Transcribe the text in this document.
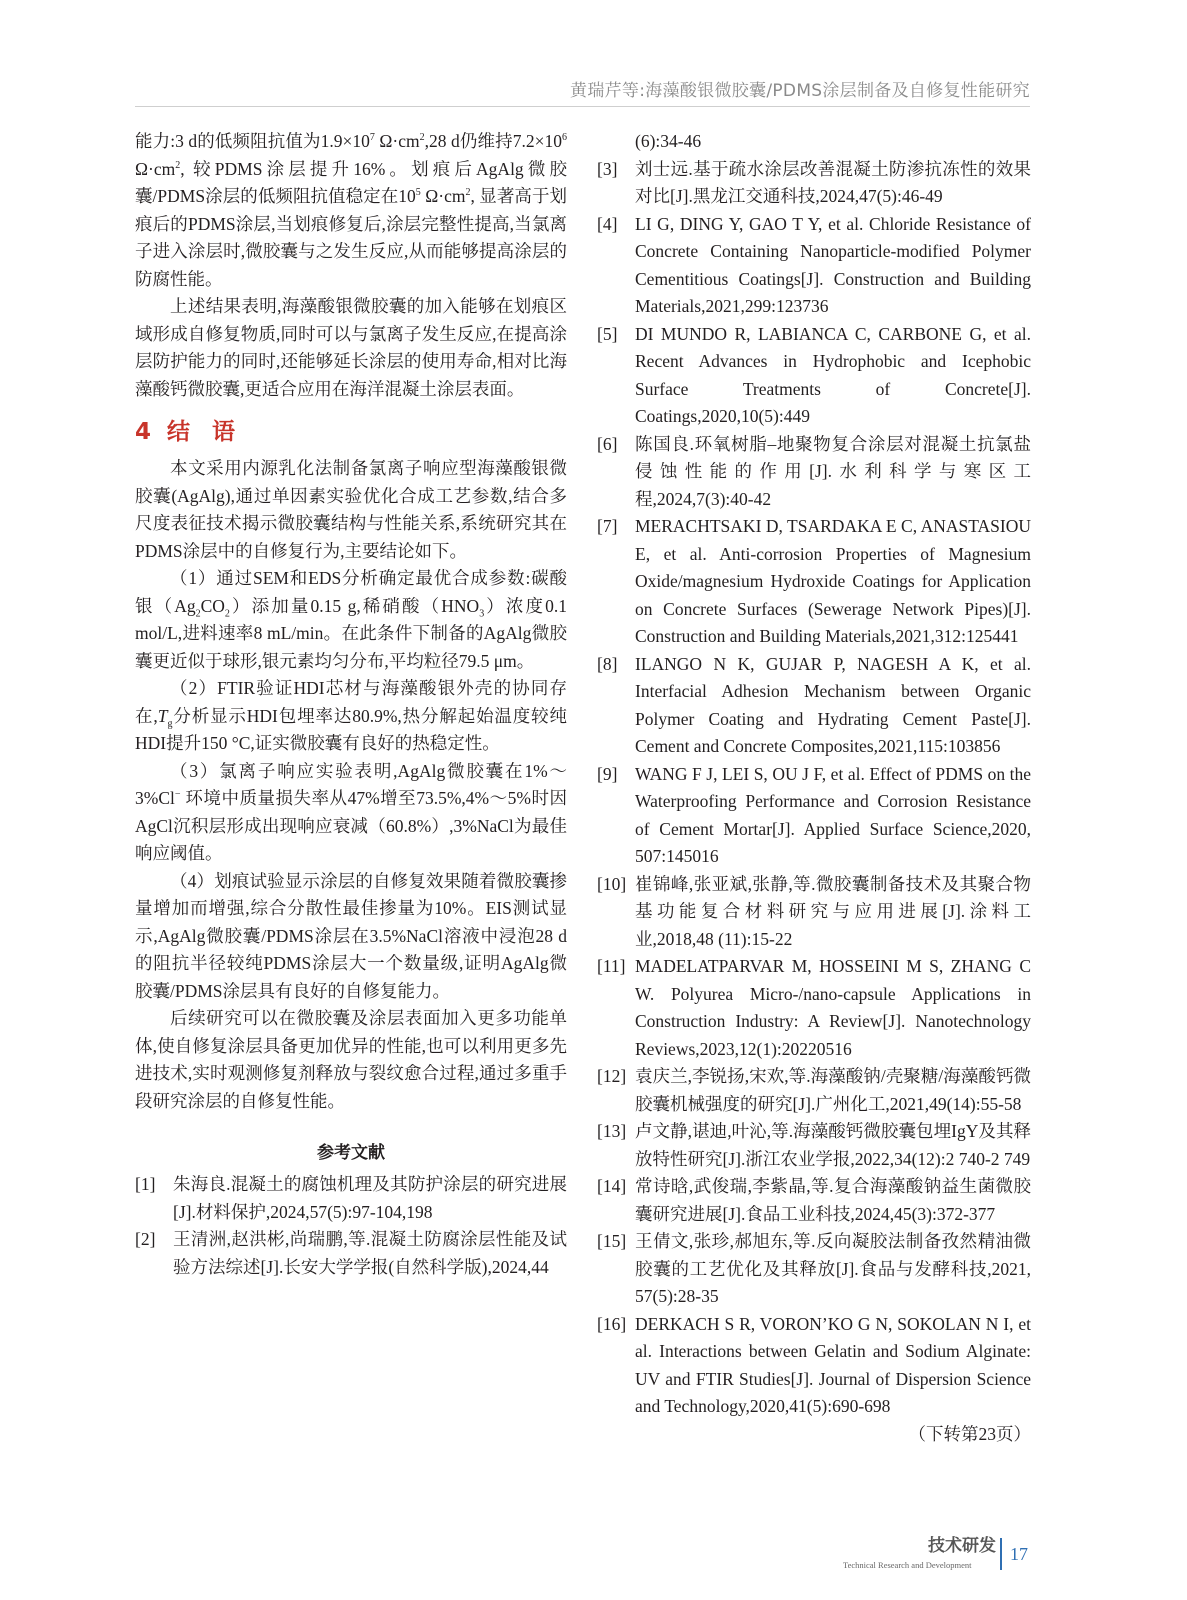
黄瑞芹等:海藻酸银微胶囊/PDMS涂层制备及自修复性能研究

能力:3 d的低频阻抗值为$1.9\times 10^7$ $\Omega\cdot cm^2,28$ d仍维持$7.2\times 10^6$ $\Omega\cdot cm^2$, 较PDMS涂层提升16%。划痕后AgAlg微胶囊/PDMS涂层的低频阻抗值稳定在$10^5$ $\Omega\cdot cm^2$, 显著高于划痕后的PDMS涂层,当划痕修复后,涂层完整性提高,当氯离子进入涂层时,微胶囊与之发生反应,从而能够提高涂层的防腐性能。

上述结果表明,海藻酸银微胶囊的加入能够在划痕区域形成自修复物质,同时可以与氯离子发生反应,在提高涂层防护能力的同时,还能够延长涂层的使用寿命,相对比海藻酸钙微胶囊,更适合应用在海洋混凝土涂层表面。

4 结  语

本文采用内源乳化法制备氯离子响应型海藻酸银微胶囊(AgAlg),通过单因素实验优化合成工艺参数,结合多尺度表征技术揭示微胶囊结构与性能关系,系统研究其在PDMS涂层中的自修复行为,主要结论如下。

（1）通过SEM和EDS分析确定最优合成参数:碳酸银$(Ag_2CO_2)$添加量0.15 g,稀硝酸$(HNO_3)$浓度0.1 mol/L,进料速率8 mL/min。在此条件下制备的AgAlg微胶囊更近似于球形,银元素均匀分布,平均粒径79.5 μm。

（2）FTIR验证HDI芯材与海藻酸银外壳的协同存在$,T_g$分析显示HDI包埋率达80.9%,热分解起始温度较纯HDI提升150 °C,证实微胶囊有良好的热稳定性。

（3）氯离子响应实验表明,AgAlg微胶囊在1%～3%Cl− 环境中质量损失率从47%增至73.5%,4%～5%时因AgCl沉积层形成出现响应衰减（60.8%）,3%NaCl为最佳响应阈值。

（4）划痕试验显示涂层的自修复效果随着微胶囊掺量增加而增强,综合分散性最佳掺量为10%。EIS测试显示,AgAlg微胶囊/PDMS涂层在3.5%NaCl溶液中浸泡28 d的阻抗半径较纯PDMS涂层大一个数量级,证明AgAlg微胶囊/PDMS涂层具有良好的自修复能力。

后续研究可以在微胶囊及涂层表面加入更多功能单体,使自修复涂层具备更加优异的性能,也可以利用更多先进技术,实时观测修复剂释放与裂纹愈合过程,通过多重手段研究涂层的自修复性能。

参考文献
[1]	朱海良.混凝土的腐蚀机理及其防护涂层的研究进展[J].材料保护,2024,57(5):97-104,198
[2]	王清洲,赵洪彬,尚瑞鹏,等.混凝土防腐涂层性能及试验方法综述[J].长安大学学报(自然科学版),2024,44
(6):34-46
[3]	刘士远.基于疏水涂层改善混凝土防渗抗冻性的效果对比[J].黑龙江交通科技,2024,47(5):46-49
[4]	LI G, DING Y, GAO T Y, et al. Chloride Resistance of Concrete Containing Nanoparticle-modified Polymer Cementitious Coatings[J]. Construction and Building Materials,2021,299:123736
[5]	DI MUNDO R, LABIANCA C, CARBONE G, et al. Recent Advances in Hydrophobic and Icephobic Surface Treatments of Concrete[J]. Coatings,2020,10(5):449
[6]	陈国良.环氧树脂–地聚物复合涂层对混凝土抗氯盐侵蚀性能的作用[J].水利科学与寒区工程,2024,7(3):40-42
[7]	MERACHTSAKI D, TSARDAKA E C, ANASTASIOU E, et al. Anti-corrosion Properties of Magnesium Oxide/magnesium Hydroxide Coatings for Application on Concrete Surfaces (Sewerage Network Pipes)[J]. Construction and Building Materials,2021,312:125441
[8]	ILANGO N K, GUJAR P, NAGESH A K, et al. Interfacial Adhesion Mechanism between Organic Polymer Coating and Hydrating Cement Paste[J]. Cement and Concrete Composites,2021,115:103856
[9]	WANG F J, LEI S, OU J F, et al. Effect of PDMS on the Waterproofing Performance and Corrosion Resistance of Cement Mortar[J]. Applied Surface Science,2020, 507:145016
[10] 崔锦峰,张亚斌,张静,等.微胶囊制备技术及其聚合物基功能复合材料研究与应用进展[J].涂料工业,2018,48 (11):15-22
[11] MADELATPARVAR M, HOSSEINI M S, ZHANG C W. Polyurea Micro-/nano-capsule Applications in Construction Industry: A Review[J]. Nanotechnology Reviews,2023,12(1):20220516
[12] 袁庆兰,李锐扬,宋欢,等.海藻酸钠/壳聚糖/海藻酸钙微胶囊机械强度的研究[J].广州化工,2021,49(14):55-58
[13] 卢文静,谌迪,叶沁,等.海藻酸钙微胶囊包埋IgY及其释放特性研究[J].浙江农业学报,2022,34(12):2 740-2 749
[14] 常诗晗,武俊瑞,李紫晶,等.复合海藻酸钠益生菌微胶囊研究进展[J].食品工业科技,2024,45(3):372-377
[15] 王倩文,张珍,郝旭东,等.反向凝胶法制备孜然精油微胶囊的工艺优化及其释放[J].食品与发酵科技,2021, 57(5):28-35
[16] DERKACH S R, VORON’KO G N, SOKOLAN N I, et al. Interactions between Gelatin and Sodium Alginate: UV and FTIR Studies[J]. Journal of Dispersion Science and Technology,2020,41(5):690-698
（下转第23页）
技术研发
Technical Research and Development
17
